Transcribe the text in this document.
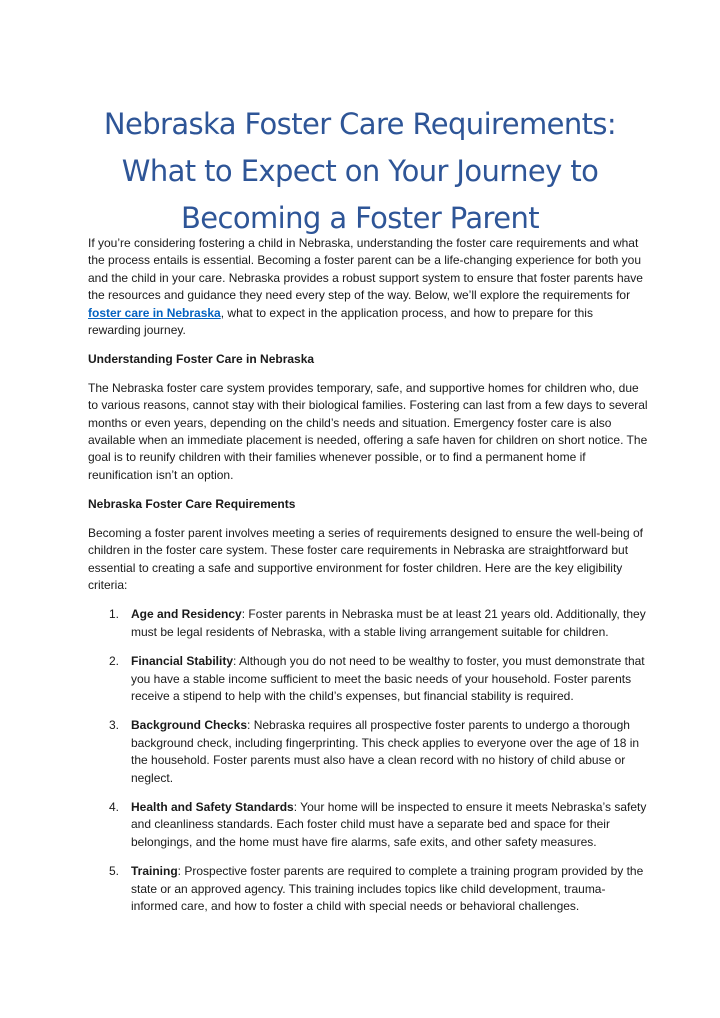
Nebraska Foster Care Requirements:
What to Expect on Your Journey to
Becoming a Foster Parent

If you’re considering fostering a child in Nebraska, understanding the foster care requirements and what the process entails is essential. Becoming a foster parent can be a life-changing experience for both you and the child in your care. Nebraska provides a robust support system to ensure that foster parents have the resources and guidance they need every step of the way. Below, we’ll explore the requirements for foster care in Nebraska, what to expect in the application process, and how to prepare for this rewarding journey.

Understanding Foster Care in Nebraska

The Nebraska foster care system provides temporary, safe, and supportive homes for children who, due to various reasons, cannot stay with their biological families. Fostering can last from a few days to several months or even years, depending on the child’s needs and situation. Emergency foster care is also available when an immediate placement is needed, offering a safe haven for children on short notice. The goal is to reunify children with their families whenever possible, or to find a permanent home if reunification isn’t an option.

Nebraska Foster Care Requirements

Becoming a foster parent involves meeting a series of requirements designed to ensure the well-being of children in the foster care system. These foster care requirements in Nebraska are straightforward but essential to creating a safe and supportive environment for foster children. Here are the key eligibility criteria:

1. Age and Residency: Foster parents in Nebraska must be at least 21 years old. Additionally, they must be legal residents of Nebraska, with a stable living arrangement suitable for children.
2. Financial Stability: Although you do not need to be wealthy to foster, you must demonstrate that you have a stable income sufficient to meet the basic needs of your household. Foster parents receive a stipend to help with the child’s expenses, but financial stability is required.
3. Background Checks: Nebraska requires all prospective foster parents to undergo a thorough background check, including fingerprinting. This check applies to everyone over the age of 18 in the household. Foster parents must also have a clean record with no history of child abuse or neglect.
4. Health and Safety Standards: Your home will be inspected to ensure it meets Nebraska’s safety and cleanliness standards. Each foster child must have a separate bed and space for their belongings, and the home must have fire alarms, safe exits, and other safety measures.
5. Training: Prospective foster parents are required to complete a training program provided by the state or an approved agency. This training includes topics like child development, trauma-informed care, and how to foster a child with special needs or behavioral challenges.
